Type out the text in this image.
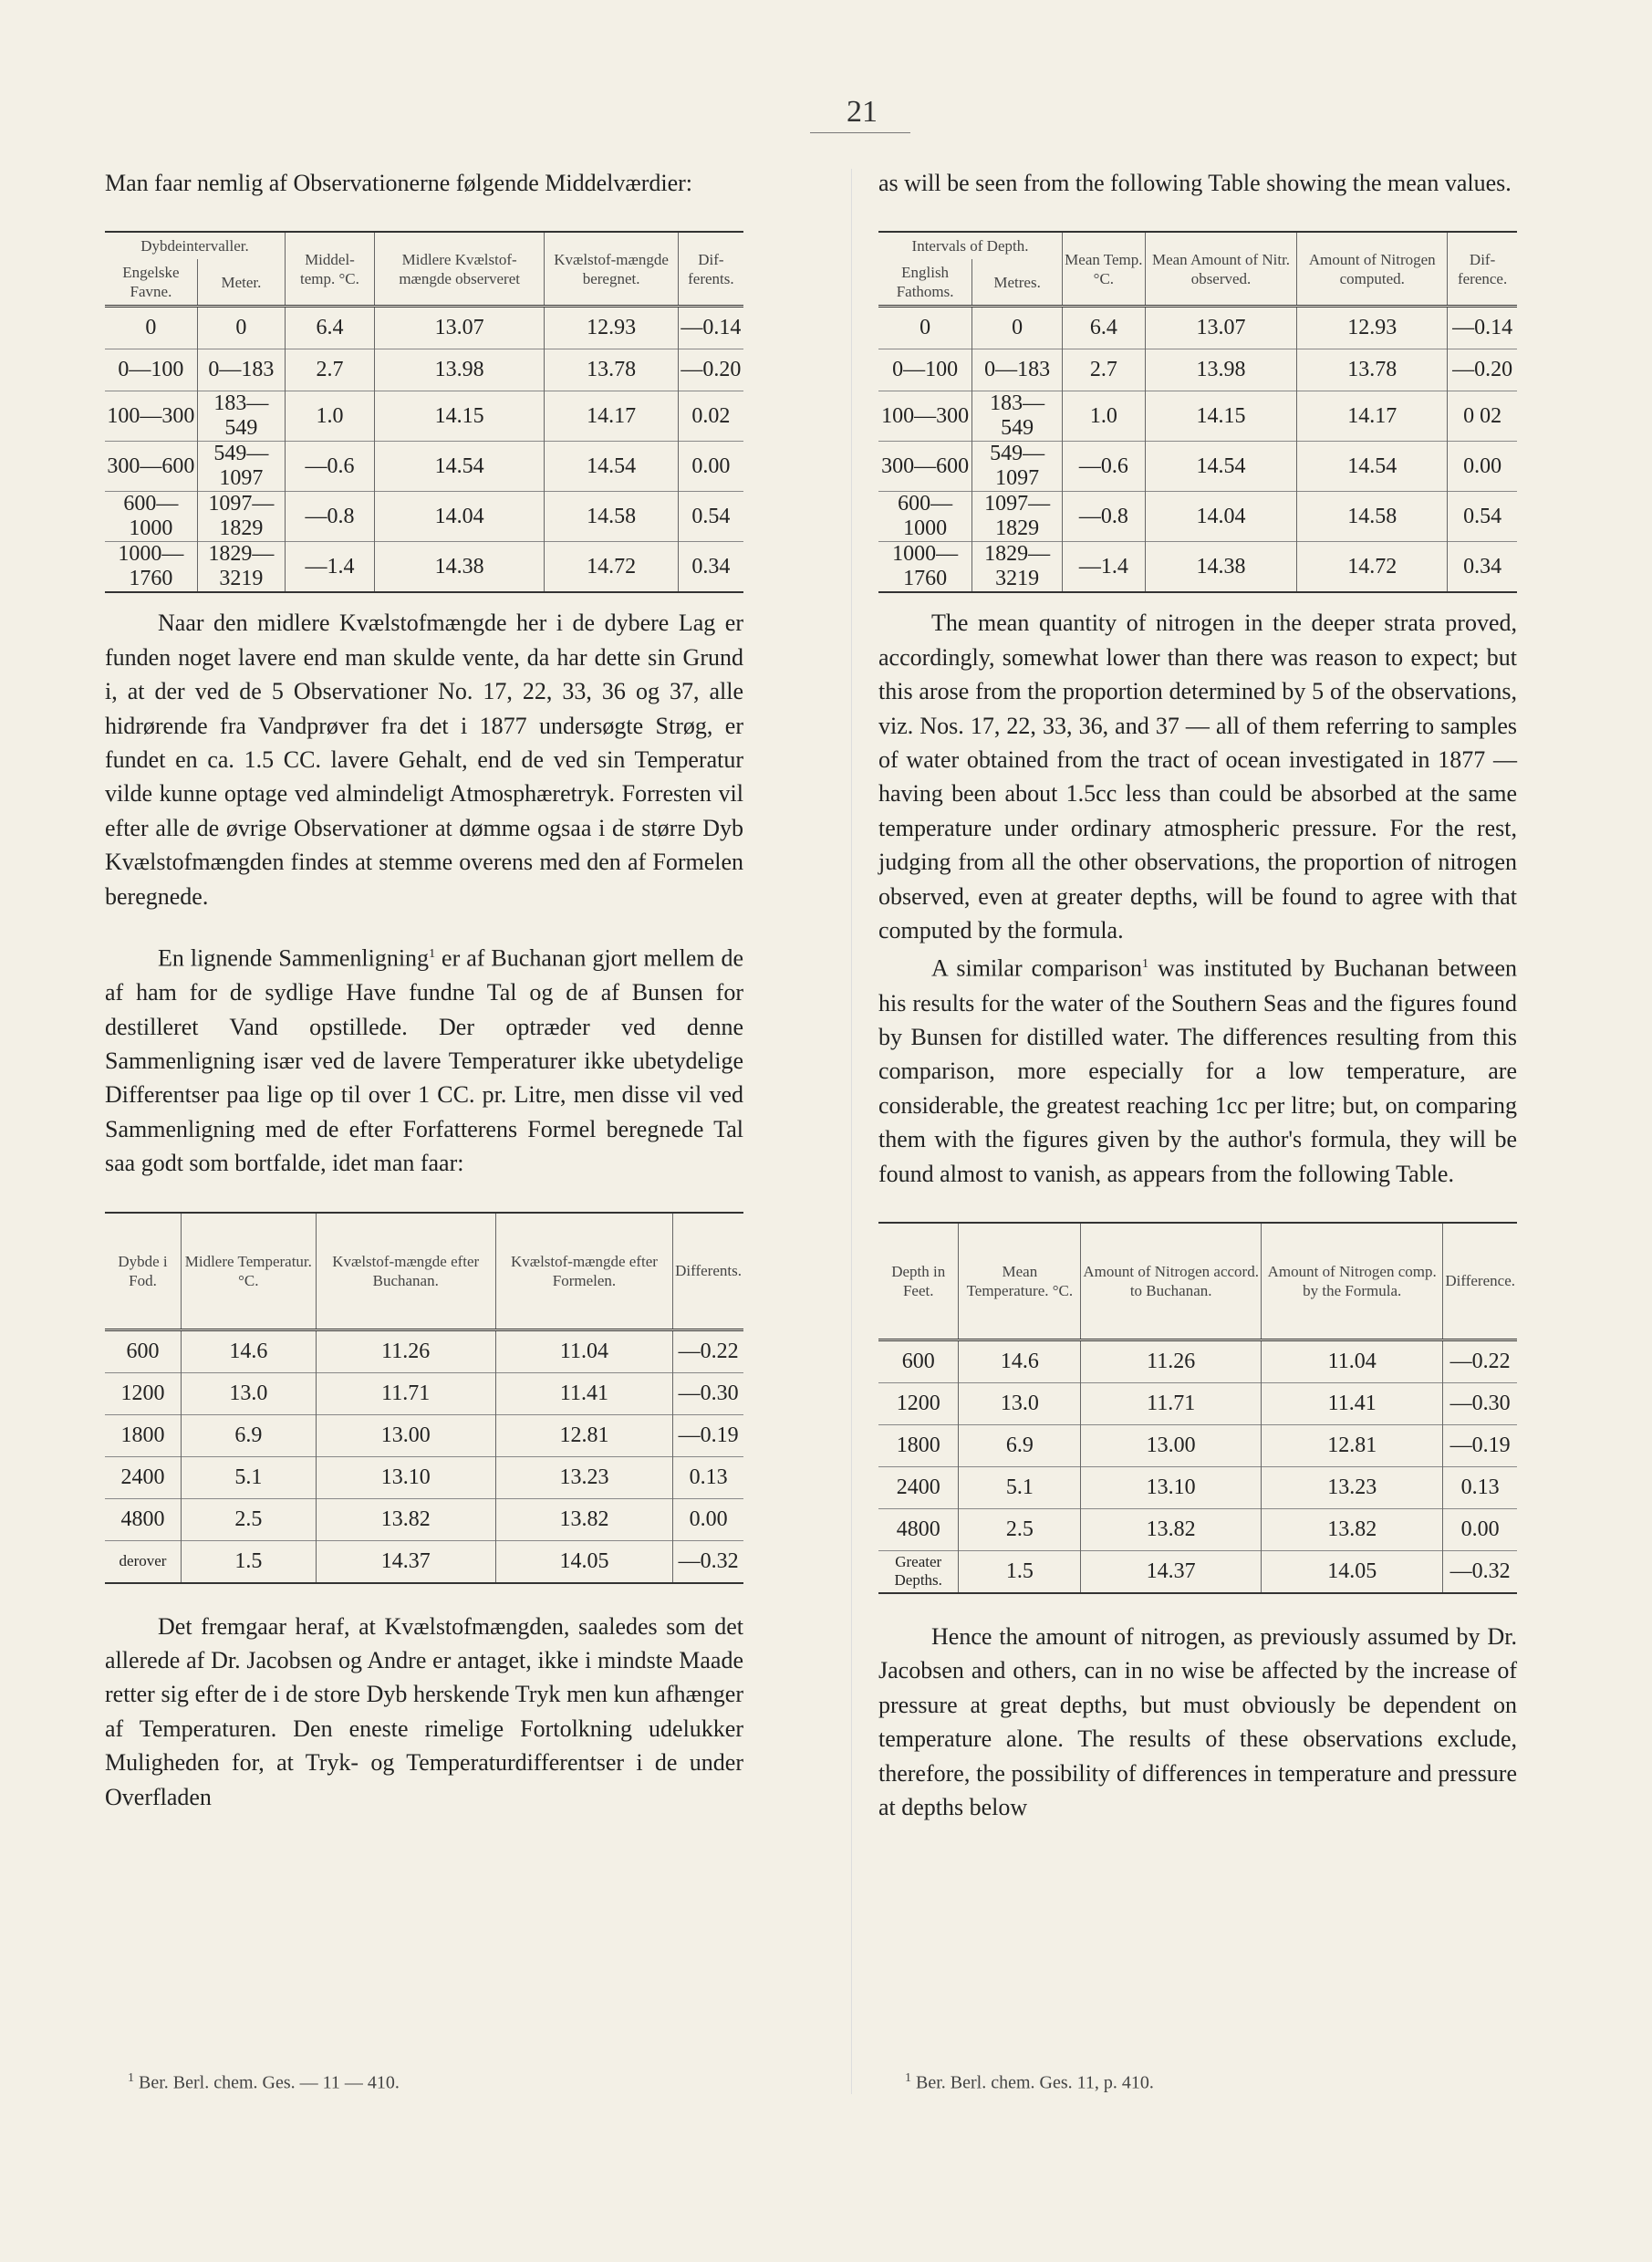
21

Man faar nemlig af Observationerne følgende Middelværdier:

Dybdeintervaller.		Middel-temp. °C.	Midlere Kvælstof-mængde observeret	Kvælstof-mængde beregnet.	Dif-ferents.
Engelske Favne.	Meter.				
0	0	6.4	13.07	12.93	—0.14
0—100	0—183	2.7	13.98	13.78	—0.20
100—300	183—549	1.0	14.15	14.17	0.02
300—600	549—1097	—0.6	14.54	14.54	0.00
600—1000	1097—1829	—0.8	14.04	14.58	0.54
1000—1760	1829—3219	—1.4	14.38	14.72	0.34

Naar den midlere Kvælstofmængde her i de dybere Lag er funden noget lavere end man skulde vente, da har dette sin Grund i, at der ved de 5 Observationer No. 17, 22, 33, 36 og 37, alle hidrørende fra Vandprøver fra det i 1877 undersøgte Strøg, er fundet en ca. 1.5 CC. lavere Gehalt, end de ved sin Temperatur vilde kunne optage ved almindeligt Atmosphæretryk. Forresten vil efter alle de øvrige Observationer at dømme ogsaa i de større Dyb Kvælstofmængden findes at stemme overens med den af Formelen beregnede.

En lignende Sammenligning$^1$ er af Buchanan gjort mellem de af ham for de sydlige Have fundne Tal og de af Bunsen for destilleret Vand opstillede. Der optræder ved denne Sammenligning især ved de lavere Temperaturer ikke ubetydelige Differentser paa lige op til over 1 CC. pr. Litre, men disse vil ved Sammenligning med de efter Forfatterens Formel beregnede Tal saa godt som bortfalde, idet man faar:

Dybde i Fod.	Midlere Temperatur. °C.	Kvælstof-mængde efter Buchanan.	Kvælstof-mængde efter Formelen.	Differents.
600	14.6	11.26	11.04	—0.22
1200	13.0	11.71	11.41	—0.30
1800	6.9	13.00	12.81	—0.19
2400	5.1	13.10	13.23	0.13
4800	2.5	13.82	13.82	0.00
derover	1.5	14.37	14.05	—0.32

Det fremgaar heraf, at Kvælstofmængden, saaledes som det allerede af Dr. Jacobsen og Andre er antaget, ikke i mindste Maade retter sig efter de i de store Dyb herskende Tryk men kun afhænger af Temperaturen. Den eneste rimelige Fortolkning udelukker Muligheden for, at Tryk- og Temperaturdifferentser i de under Overfladen

as will be seen from the following Table showing the mean values.

Intervals of Depth.		Mean Temp. °C.	Mean Amount of Nitr. observed.	Amount of Nitrogen computed.	Dif-ference.
English Fathoms.	Metres.				
0	0	6.4	13.07	12.93	—0.14
0—100	0—183	2.7	13.98	13.78	—0.20
100—300	183—549	1.0	14.15	14.17	0 02
300—600	549—1097	—0.6	14.54	14.54	0.00
600—1000	1097—1829	—0.8	14.04	14.58	0.54
1000—1760	1829—3219	—1.4	14.38	14.72	0.34

The mean quantity of nitrogen in the deeper strata proved, accordingly, somewhat lower than there was reason to expect; but this arose from the proportion determined by 5 of the observations, viz. Nos. 17, 22, 33, 36, and 37 — all of them referring to samples of water obtained from the tract of ocean investigated in 1877 — having been about 1.5cc less than could be absorbed at the same temperature under ordinary atmospheric pressure. For the rest, judging from all the other observations, the proportion of nitrogen observed, even at greater depths, will be found to agree with that computed by the formula.

A similar comparison$^1$ was instituted by Buchanan between his results for the water of the Southern Seas and the figures found by Bunsen for distilled water. The differences resulting from this comparison, more especially for a low temperature, are considerable, the greatest reaching 1cc per litre; but, on comparing them with the figures given by the author's formula, they will be found almost to vanish, as appears from the following Table.

Depth in Feet.	Mean Temperature. °C.	Amount of Nitrogen accord. to Buchanan.	Amount of Nitrogen comp. by the Formula.	Difference.
600	14.6	11.26	11.04	—0.22
1200	13.0	11.71	11.41	—0.30
1800	6.9	13.00	12.81	—0.19
2400	5.1	13.10	13.23	0.13
4800	2.5	13.82	13.82	0.00
Greater Depths.	1.5	14.37	14.05	—0.32

Hence the amount of nitrogen, as previously assumed by Dr. Jacobsen and others, can in no wise be affected by the increase of pressure at great depths, but must obviously be dependent on temperature alone. The results of these observations exclude, therefore, the possibility of differences in temperature and pressure at depths below

$^1$ Ber. Berl. chem. Ges. — 11 — 410.	$^1$ Ber. Berl. chem. Ges. 11, p. 410.
